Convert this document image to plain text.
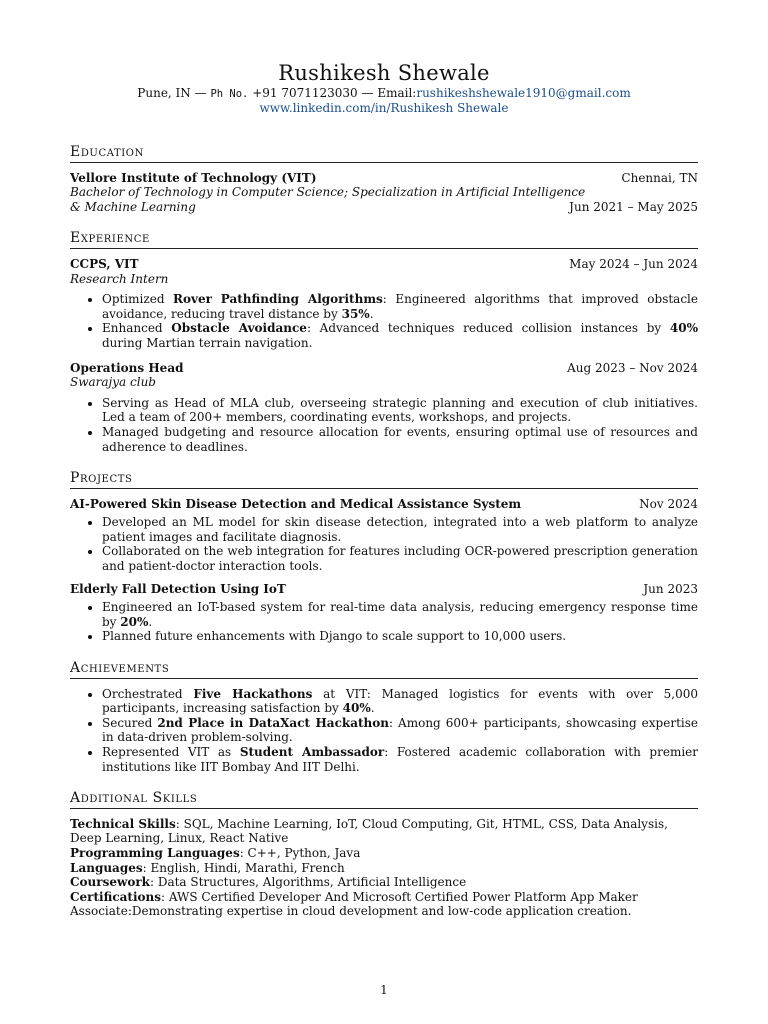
Rushikesh Shewale
Pune, IN — Ph No. +91 7071123030 — Email:rushikeshshewale1910@gmail.com
www.linkedin.com/in/Rushikesh Shewale
Education
Vellore Institute of Technology (VIT)	Chennai, TN
Bachelor of Technology in Computer Science; Specialization in Artificial Intelligence
& Machine Learning	Jun 2021 – May 2025
Experience
CCPS, VIT	May 2024 – Jun 2024
Research Intern
• Optimized Rover Pathfinding Algorithms: Engineered algorithms that improved obstacle avoidance, reducing travel distance by 35%.
• Enhanced Obstacle Avoidance: Advanced techniques reduced collision instances by 40% during Martian terrain navigation.
Operations Head	Aug 2023 – Nov 2024
Swarajya club
• Serving as Head of MLA club, overseeing strategic planning and execution of club initiatives. Led a team of 200+ members, coordinating events, workshops, and projects.
• Managed budgeting and resource allocation for events, ensuring optimal use of resources and adherence to deadlines.
Projects
AI-Powered Skin Disease Detection and Medical Assistance System	Nov 2024
• Developed an ML model for skin disease detection, integrated into a web platform to analyze patient images and facilitate diagnosis.
• Collaborated on the web integration for features including OCR-powered prescription generation and patient-doctor interaction tools.
Elderly Fall Detection Using IoT	Jun 2023
• Engineered an IoT-based system for real-time data analysis, reducing emergency response time by 20%.
• Planned future enhancements with Django to scale support to 10,000 users.
Achievements
• Orchestrated Five Hackathons at VIT: Managed logistics for events with over 5,000 participants, increasing satisfaction by 40%.
• Secured 2nd Place in DataXact Hackathon: Among 600+ participants, showcasing expertise in data-driven problem-solving.
• Represented VIT as Student Ambassador: Fostered academic collaboration with premier institutions like IIT Bombay And IIT Delhi.
Additional Skills

Technical Skills: SQL, Machine Learning, IoT, Cloud Computing, Git, HTML, CSS, Data Analysis, Deep Learning, Linux, React Native

Programming Languages: C++, Python, Java

Languages: English, Hindi, Marathi, French

Coursework: Data Structures, Algorithms, Artificial Intelligence

Certifications: AWS Certified Developer And Microsoft Certified Power Platform App Maker Associate:Demonstrating expertise in cloud development and low-code application creation.

1
